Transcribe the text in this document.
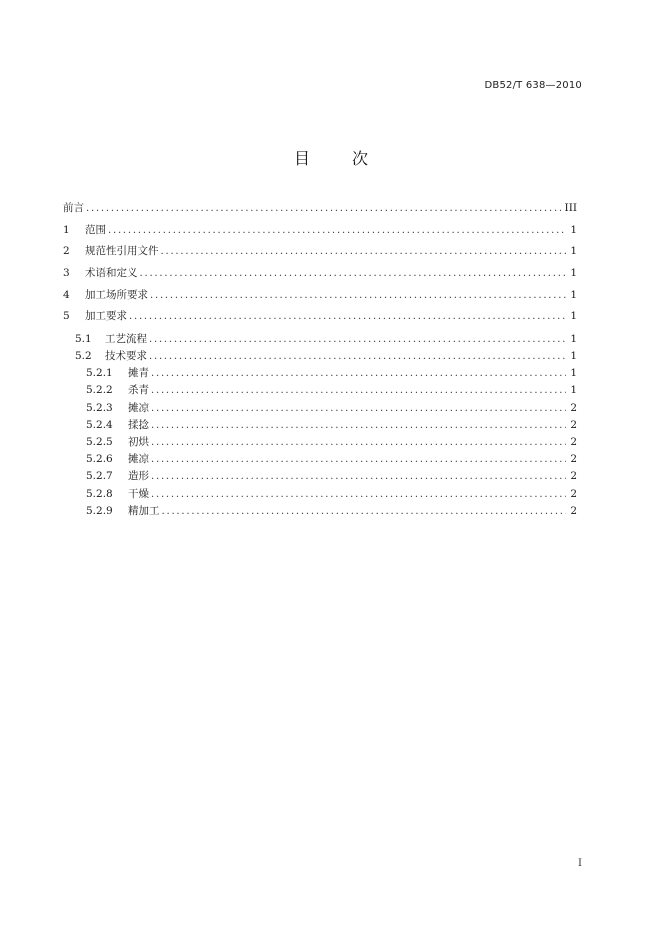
DB52/T 638—2010
目	次
前言 .....	III
1	范围 .....	1
2	规范性引用文件 .....	1
3	术语和定义 .....	1
4	加工场所要求 .....	1
5	加工要求 .....	1
5.1	工艺流程 .....	1
5.2	技术要求 .....	1
5.2.1	摊青 .....	1
5.2.2	杀青 .....	1
5.2.3	摊凉 .....	2
5.2.4	揉捻 .....	2
5.2.5	初烘 .....	2
5.2.6	摊凉 .....	2
5.2.7	造形 .....	2
5.2.8	干燥 .....	2
5.2.9	精加工 .....	2
I
